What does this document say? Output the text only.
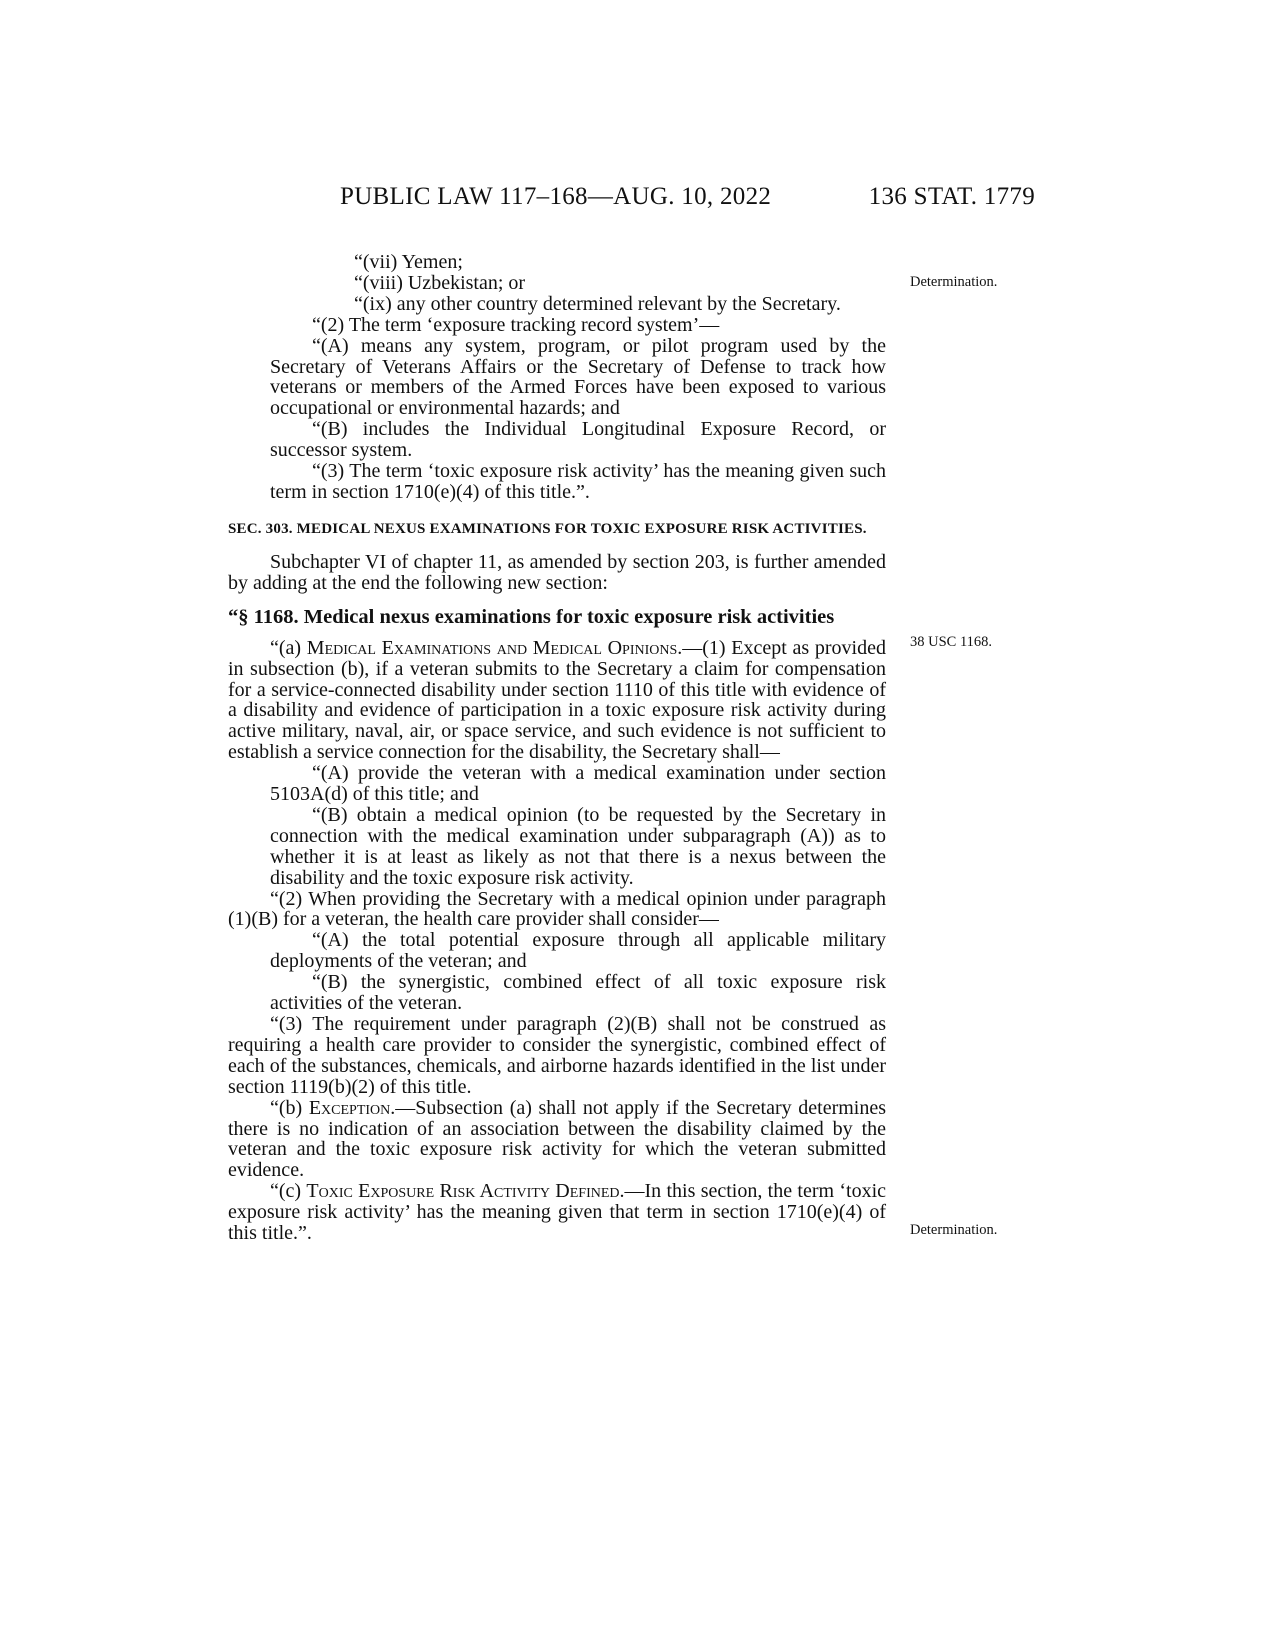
PUBLIC LAW 117–168—AUG. 10, 2022	136 STAT. 1779
Determination.
38 USC 1168.
Determination.

“(vii) Yemen;

“(viii) Uzbekistan; or

“(ix) any other country determined relevant by the Secretary.

“(2) The term ‘exposure tracking record system’—

“(A) means any system, program, or pilot program used by the Secretary of Veterans Affairs or the Secretary of Defense to track how veterans or members of the Armed Forces have been exposed to various occupational or environmental hazards; and

“(B) includes the Individual Longitudinal Exposure Record, or successor system.

“(3) The term ‘toxic exposure risk activity’ has the meaning given such term in section 1710(e)(4) of this title.”.

SEC. 303. MEDICAL NEXUS EXAMINATIONS FOR TOXIC EXPOSURE RISK ACTIVITIES.

Subchapter VI of chapter 11, as amended by section 203, is further amended by adding at the end the following new section:

“§ 1168. Medical nexus examinations for toxic exposure risk activities

“(a) Medical Examinations and Medical Opinions.—(1) Except as provided in subsection (b), if a veteran submits to the Secretary a claim for compensation for a service-connected disability under section 1110 of this title with evidence of a disability and evidence of participation in a toxic exposure risk activity during active military, naval, air, or space service, and such evidence is not sufficient to establish a service connection for the disability, the Secretary shall—

“(A) provide the veteran with a medical examination under section 5103A(d) of this title; and

“(B) obtain a medical opinion (to be requested by the Secretary in connection with the medical examination under subparagraph (A)) as to whether it is at least as likely as not that there is a nexus between the disability and the toxic exposure risk activity.

“(2) When providing the Secretary with a medical opinion under paragraph (1)(B) for a veteran, the health care provider shall consider—

“(A) the total potential exposure through all applicable military deployments of the veteran; and

“(B) the synergistic, combined effect of all toxic exposure risk activities of the veteran.

“(3) The requirement under paragraph (2)(B) shall not be construed as requiring a health care provider to consider the synergistic, combined effect of each of the substances, chemicals, and airborne hazards identified in the list under section 1119(b)(2) of this title.

“(b) Exception.—Subsection (a) shall not apply if the Secretary determines there is no indication of an association between the disability claimed by the veteran and the toxic exposure risk activity for which the veteran submitted evidence.

“(c) Toxic Exposure Risk Activity Defined.—In this section, the term ‘toxic exposure risk activity’ has the meaning given that term in section 1710(e)(4) of this title.”.
